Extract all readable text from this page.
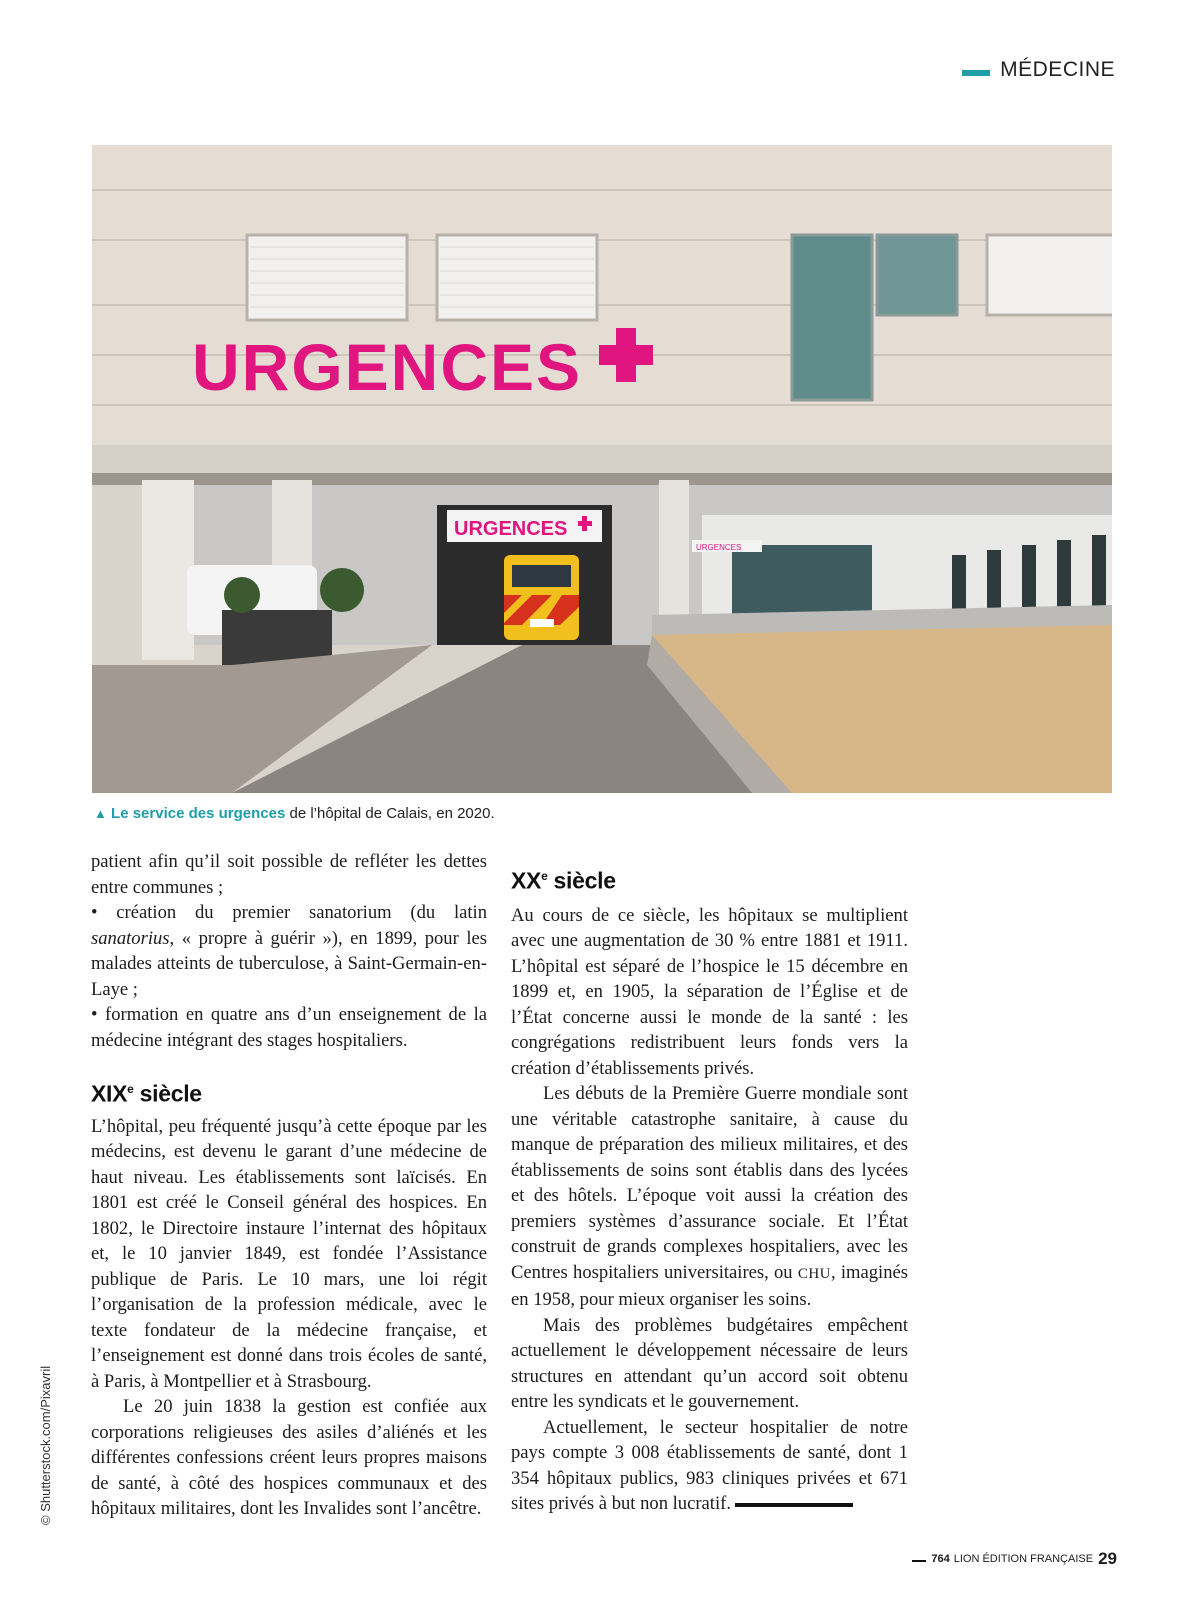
MÉDECINE
URGENCES
URGENCES
URGENCES
© Shutterstock.com/Pixavril
▲ Le service des urgences de l’hôpital de Calais, en 2020.

patient afin qu’il soit possible de refléter les dettes entre communes ;

• création du premier sanatorium (du latin sanatorius, « propre à guérir »), en 1899, pour les malades atteints de tuberculose, à Saint-Germain-en-Laye ;

• formation en quatre ans d’un enseignement de la médecine intégrant des stages hospitaliers.

XIXe siècle

L’hôpital, peu fréquenté jusqu’à cette époque par les médecins, est devenu le garant d’une médecine de haut niveau. Les établissements sont laïcisés. En 1801 est créé le Conseil général des hospices. En 1802, le Directoire instaure l’internat des hôpitaux et, le 10 janvier 1849, est fondée l’Assistance publique de Paris. Le 10 mars, une loi régit l’organisation de la profession médicale, avec le texte fondateur de la médecine française, et l’enseignement est donné dans trois écoles de santé, à Paris, à Montpellier et à Strasbourg.

Le 20 juin 1838 la gestion est confiée aux corporations religieuses des asiles d’aliénés et les différentes confessions créent leurs propres maisons de santé, à côté des hospices communaux et des hôpitaux militaires, dont les Invalides sont l’ancêtre.

XXe siècle

Au cours de ce siècle, les hôpitaux se multiplient avec une augmentation de 30 % entre 1881 et 1911. L’hôpital est séparé de l’hospice le 15 décembre en 1899 et, en 1905, la séparation de l’Église et de l’État concerne aussi le monde de la santé : les congrégations redistribuent leurs fonds vers la création d’établissements privés.

Les débuts de la Première Guerre mondiale sont une véritable catastrophe sanitaire, à cause du manque de préparation des milieux militaires, et des établissements de soins sont établis dans des lycées et des hôtels. L’époque voit aussi la création des premiers systèmes d’assurance sociale. Et l’État construit de grands complexes hospitaliers, avec les Centres hospitaliers universitaires, ou CHU, imaginés en 1958, pour mieux organiser les soins.

Mais des problèmes budgétaires empêchent actuellement le développement nécessaire de leurs structures en attendant qu’un accord soit obtenu entre les syndicats et le gouvernement.

Actuellement, le secteur hospitalier de notre pays compte 3 008 établissements de santé, dont 1 354 hôpitaux publics, 983 cliniques privées et 671 sites privés à but non lucratif.

764 LION ÉDITION FRANÇAISE 29
